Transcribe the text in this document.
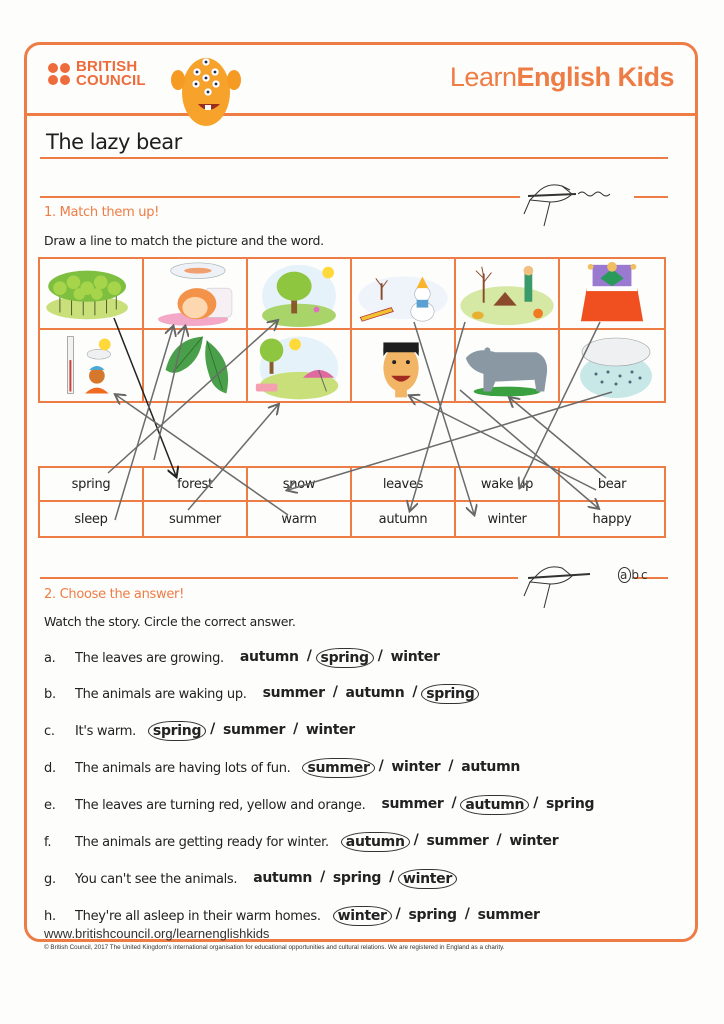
BRITISH
COUNCIL	LearnEnglish Kids
The lazy bear
1. Match them up!
Draw a line to match the picture and the word.
spring	forest	snow	leaves	wake up	bear
sleep	summer	warm	autumn	winter	happy
a bc
2. Choose the answer!
Watch the story. Circle the correct answer.
a.	The leaves are growing. autumn / spring / winter
b.	The animals are waking up. summer / autumn / spring
c.	It's warm.	spring / summer / winter
d.	The animals are having lots of fun.	summer / winter / autumn
e.	The leaves are turning red, yellow and orange. summer / autumn / spring
f.	The animals are getting ready for winter.	autumn / summer / winter
g.	You can't see the animals. autumn / spring / winter
h.	They're all asleep in their warm homes.	winter / spring / summer
www.britishcouncil.org/learnenglishkids
© British Council, 2017 The United Kingdom's international organisation for educational opportunities and cultural relations. We are registered in England as a charity.
